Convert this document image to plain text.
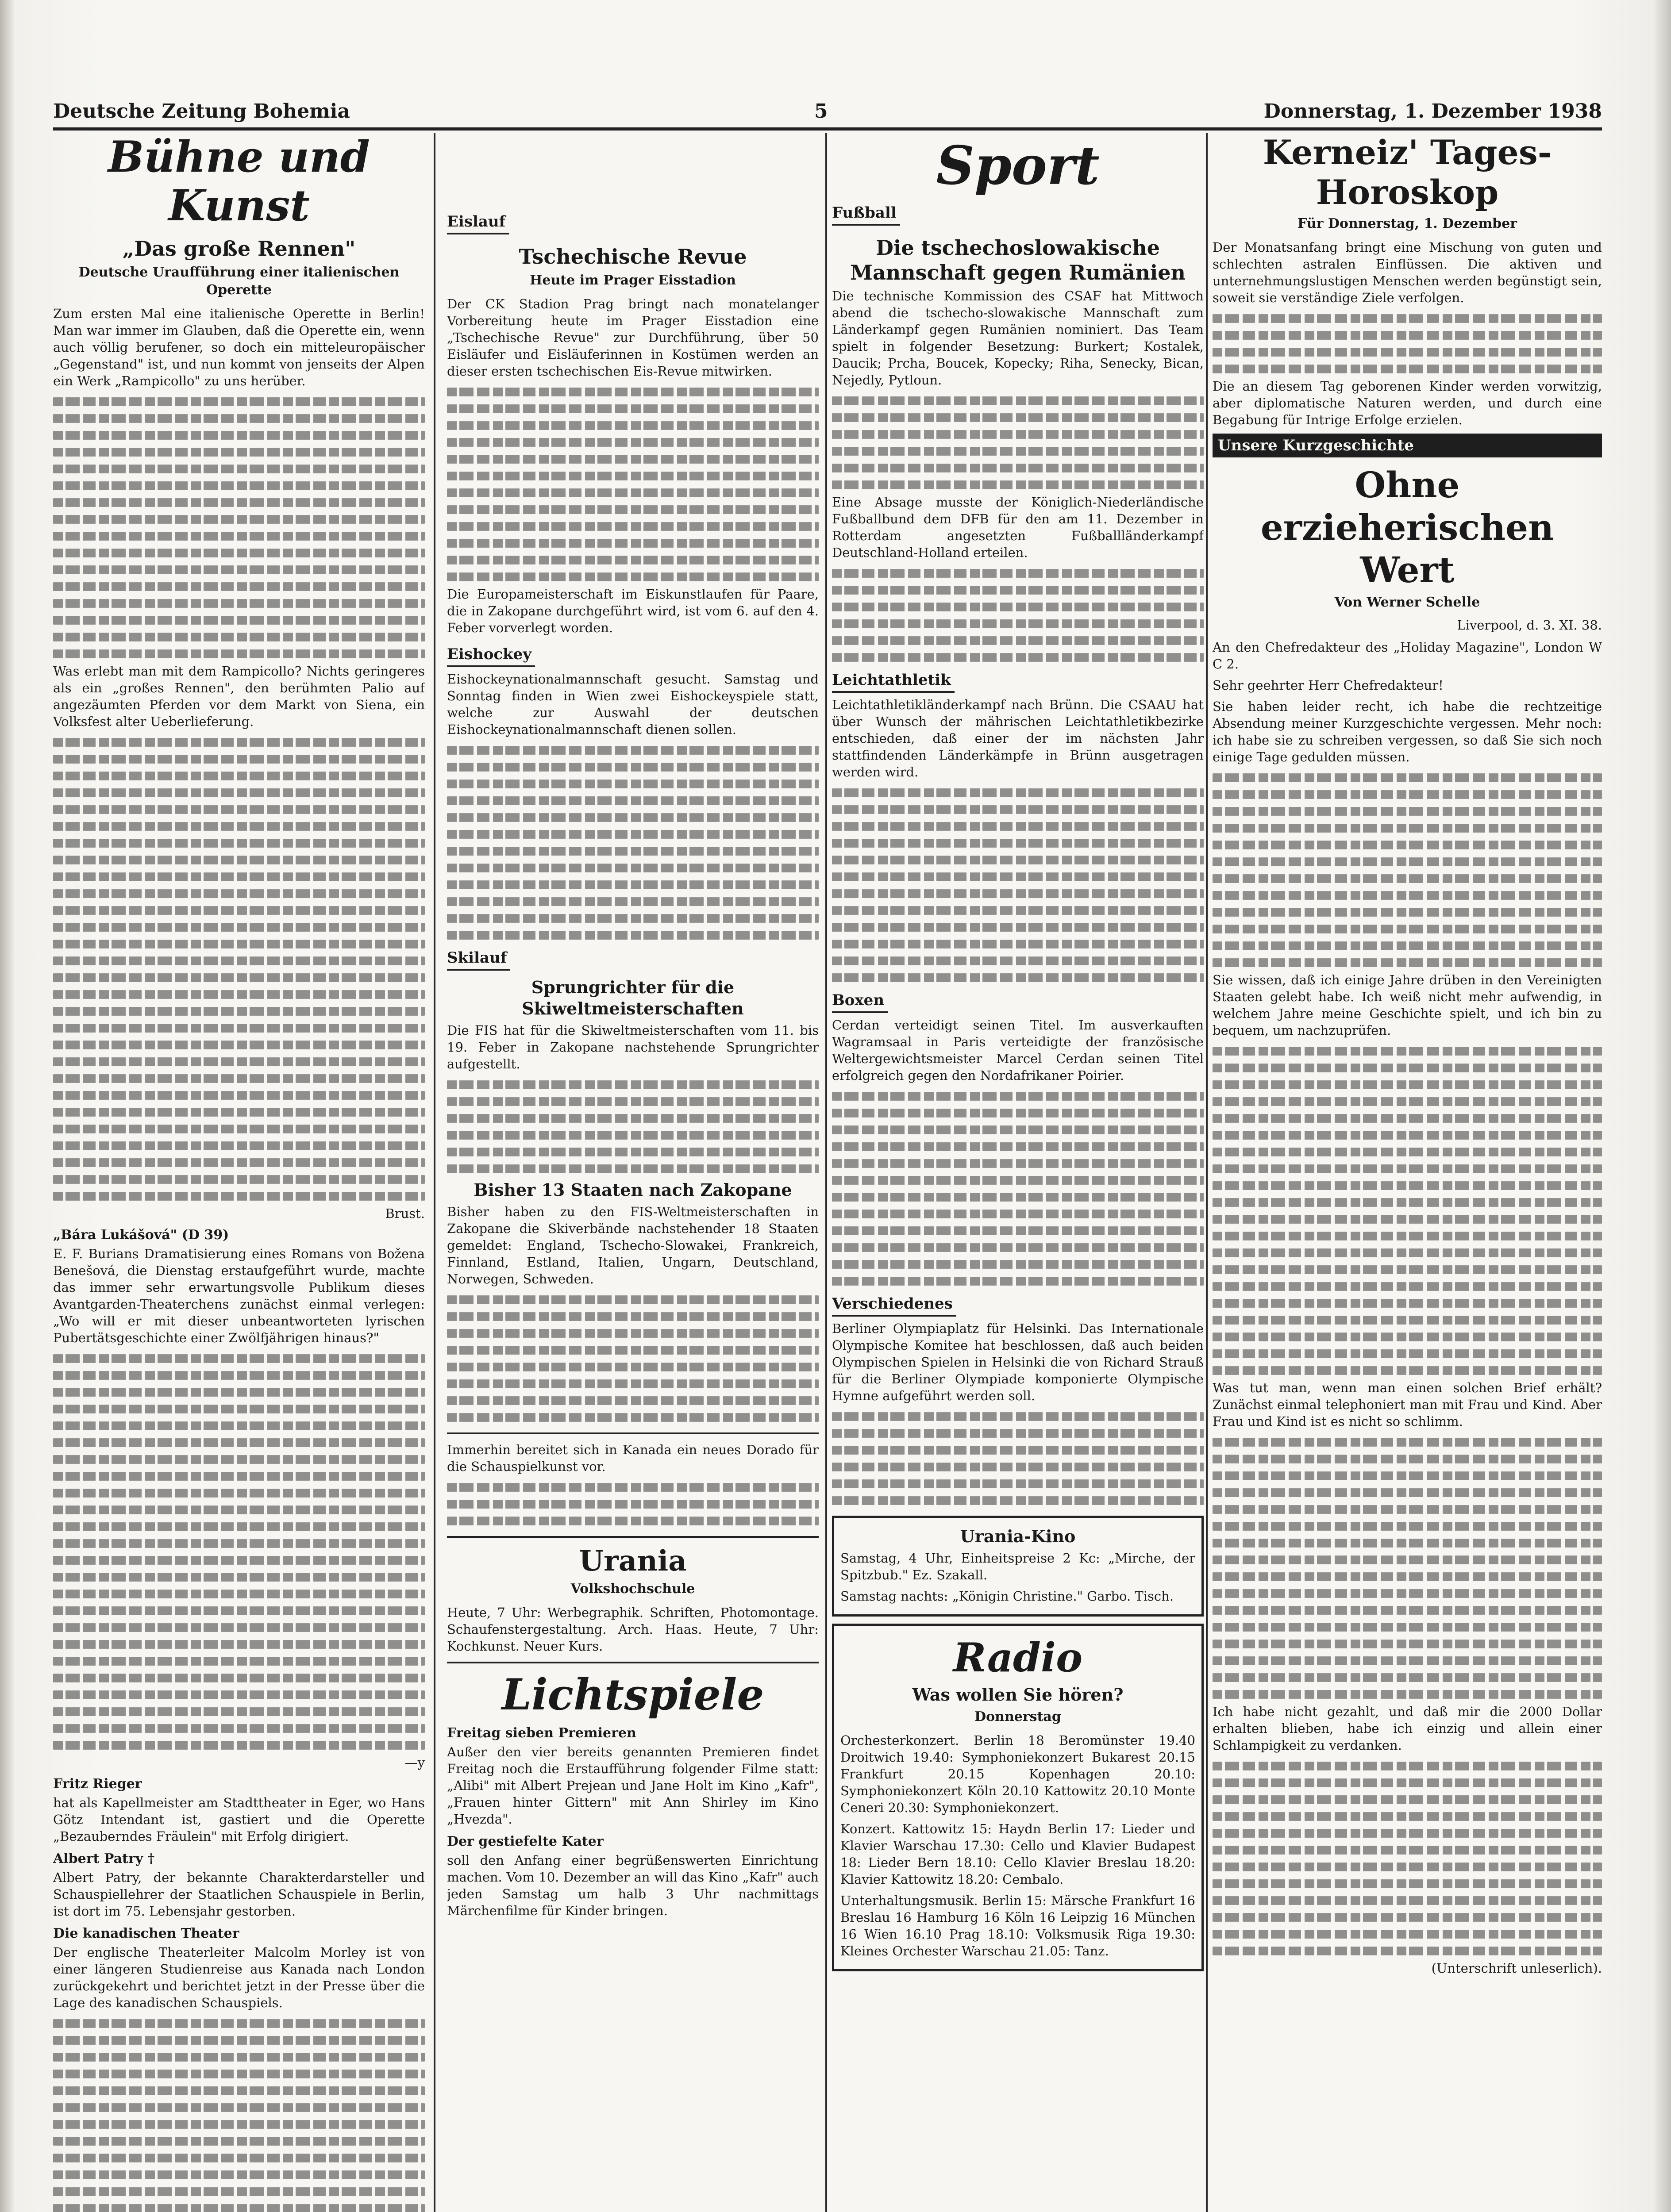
Deutsche Zeitung Bohemia	5	Donnerstag, 1. Dezember 1938
Bühne und Kunst
„Das große Rennen"
Deutsche Uraufführung einer italienischen Operette

Zum ersten Mal eine italienische Operette in Berlin! Man war immer im Glauben, daß die Operette ein, wenn auch völlig berufener, so doch ein mitteleuropäischer „Gegenstand" ist, und nun kommt von jenseits der Alpen ein Werk „Rampicollo" zu uns herüber.

Was erlebt man mit dem Rampicollo? Nichts geringeres als ein „großes Rennen", den berühmten Palio auf angezäumten Pferden vor dem Markt von Siena, ein Volksfest alter Ueberlieferung.

Brust.
„Bára Lukášová" (D 39)

E. F. Burians Dramatisierung eines Romans von Božena Benešová, die Dienstag erstaufgeführt wurde, machte das immer sehr erwartungsvolle Publikum dieses Avantgarden-Theaterchens zunächst einmal verlegen: „Wo will er mit dieser unbeantworteten lyrischen Pubertätsgeschichte einer Zwölfjährigen hinaus?"

—y
Fritz Rieger

hat als Kapellmeister am Stadttheater in Eger, wo Hans Götz Intendant ist, gastiert und die Operette „Bezauberndes Fräulein" mit Erfolg dirigiert.

Albert Patry †

Albert Patry, der bekannte Charakterdarsteller und Schauspiellehrer der Staatlichen Schauspiele in Berlin, ist dort im 75. Lebensjahr gestorben.

Die kanadischen Theater

Der englische Theaterleiter Malcolm Morley ist von einer längeren Studienreise aus Kanada nach London zurückgekehrt und berichtet jetzt in der Presse über die Lage des kanadischen Schauspiels.

Eislauf
Tschechische Revue
Heute im Prager Eisstadion

Der CK Stadion Prag bringt nach monatelanger Vorbereitung heute im Prager Eisstadion eine „Tschechische Revue" zur Durchführung, über 50 Eisläufer und Eisläuferinnen in Kostümen werden an dieser ersten tschechischen Eis-Revue mitwirken.

Die Europameisterschaft im Eiskunstlaufen für Paare, die in Zakopane durchgeführt wird, ist vom 6. auf den 4. Feber vorverlegt worden.

Eishockey

Eishockeynationalmannschaft gesucht. Samstag und Sonntag finden in Wien zwei Eishockeyspiele statt, welche zur Auswahl der deutschen Eishockeynationalmannschaft dienen sollen.

Skilauf
Sprungrichter für die Skiweltmeisterschaften

Die FIS hat für die Skiweltmeisterschaften vom 11. bis 19. Feber in Zakopane nachstehende Sprungrichter aufgestellt.

Bisher 13 Staaten nach Zakopane

Bisher haben zu den FIS-Weltmeisterschaften in Zakopane die Skiverbände nachstehender 18 Staaten gemeldet: England, Tschecho-Slowakei, Frankreich, Finnland, Estland, Italien, Ungarn, Deutschland, Norwegen, Schweden.

Immerhin bereitet sich in Kanada ein neues Dorado für die Schauspielkunst vor.

Urania
Volkshochschule

Heute, 7 Uhr: Werbegraphik. Schriften, Photomontage. Schaufenstergestaltung. Arch. Haas. Heute, 7 Uhr: Kochkunst. Neuer Kurs.

Lichtspiele
Freitag sieben Premieren

Außer den vier bereits genannten Premieren findet Freitag noch die Erstaufführung folgender Filme statt: „Alibi" mit Albert Prejean und Jane Holt im Kino „Kafr", „Frauen hinter Gittern" mit Ann Shirley im Kino „Hvezda".

Der gestiefelte Kater

soll den Anfang einer begrüßenswerten Einrichtung machen. Vom 10. Dezember an will das Kino „Kafr" auch jeden Samstag um halb 3 Uhr nachmittags Märchenfilme für Kinder bringen.

Sport
Fußball
Die tschechoslowakische Mannschaft gegen Rumänien

Die technische Kommission des CSAF hat Mittwoch abend die tschecho-slowakische Mannschaft zum Länderkampf gegen Rumänien nominiert. Das Team spielt in folgender Besetzung: Burkert; Kostalek, Daucik; Prcha, Boucek, Kopecky; Riha, Senecky, Bican, Nejedly, Pytloun.

Eine Absage musste der Königlich-Niederländische Fußballbund dem DFB für den am 11. Dezember in Rotterdam angesetzten Fußballländerkampf Deutschland-Holland erteilen.

Leichtathletik

Leichtathletikländerkampf nach Brünn. Die CSAAU hat über Wunsch der mährischen Leichtathletikbezirke entschieden, daß einer der im nächsten Jahr stattfindenden Länderkämpfe in Brünn ausgetragen werden wird.

Boxen

Cerdan verteidigt seinen Titel. Im ausverkauften Wagramsaal in Paris verteidigte der französische Weltergewichtsmeister Marcel Cerdan seinen Titel erfolgreich gegen den Nordafrikaner Poirier.

Verschiedenes

Berliner Olympiaplatz für Helsinki. Das Internationale Olympische Komitee hat beschlossen, daß auch beiden Olympischen Spielen in Helsinki die von Richard Strauß für die Berliner Olympiade komponierte Olympische Hymne aufgeführt werden soll.

Urania-Kino

Samstag, 4 Uhr, Einheitspreise 2 Kc: „Mirche, der Spitzbub." Ez. Szakall.

Samstag nachts: „Königin Christine." Garbo. Tisch.

Radio
Was wollen Sie hören?
Donnerstag

Orchesterkonzert. Berlin 18 Beromünster 19.40 Droitwich 19.40: Symphoniekonzert Bukarest 20.15 Frankfurt 20.15 Kopenhagen 20.10: Symphoniekonzert Köln 20.10 Kattowitz 20.10 Monte Ceneri 20.30: Symphoniekonzert.

Konzert. Kattowitz 15: Haydn Berlin 17: Lieder und Klavier Warschau 17.30: Cello und Klavier Budapest 18: Lieder Bern 18.10: Cello Klavier Breslau 18.20: Klavier Kattowitz 18.20: Cembalo.

Unterhaltungsmusik. Berlin 15: Märsche Frankfurt 16 Breslau 16 Hamburg 16 Köln 16 Leipzig 16 München 16 Wien 16.10 Prag 18.10: Volksmusik Riga 19.30: Kleines Orchester Warschau 21.05: Tanz.

Kerneiz' Tages-Horoskop
Für Donnerstag, 1. Dezember

Der Monatsanfang bringt eine Mischung von guten und schlechten astralen Einflüssen. Die aktiven und unternehmungslustigen Menschen werden begünstigt sein, soweit sie verständige Ziele verfolgen.

Die an diesem Tag geborenen Kinder werden vorwitzig, aber diplomatische Naturen werden, und durch eine Begabung für Intrige Erfolge erzielen.

Unsere Kurzgeschichte
Ohne erzieherischen Wert
Von Werner Schelle
Liverpool, d. 3. XI. 38.

An den Chefredakteur des „Holiday Magazine", London W C 2.

Sehr geehrter Herr Chefredakteur!

Sie haben leider recht, ich habe die rechtzeitige Absendung meiner Kurzgeschichte vergessen. Mehr noch: ich habe sie zu schreiben vergessen, so daß Sie sich noch einige Tage gedulden müssen.

Sie wissen, daß ich einige Jahre drüben in den Vereinigten Staaten gelebt habe. Ich weiß nicht mehr aufwendig, in welchem Jahre meine Geschichte spielt, und ich bin zu bequem, um nachzuprüfen.

Was tut man, wenn man einen solchen Brief erhält? Zunächst einmal telephoniert man mit Frau und Kind. Aber Frau und Kind ist es nicht so schlimm.

Ich habe nicht gezahlt, und daß mir die 2000 Dollar erhalten blieben, habe ich einzig und allein einer Schlampigkeit zu verdanken.

(Unterschrift unleserlich).
